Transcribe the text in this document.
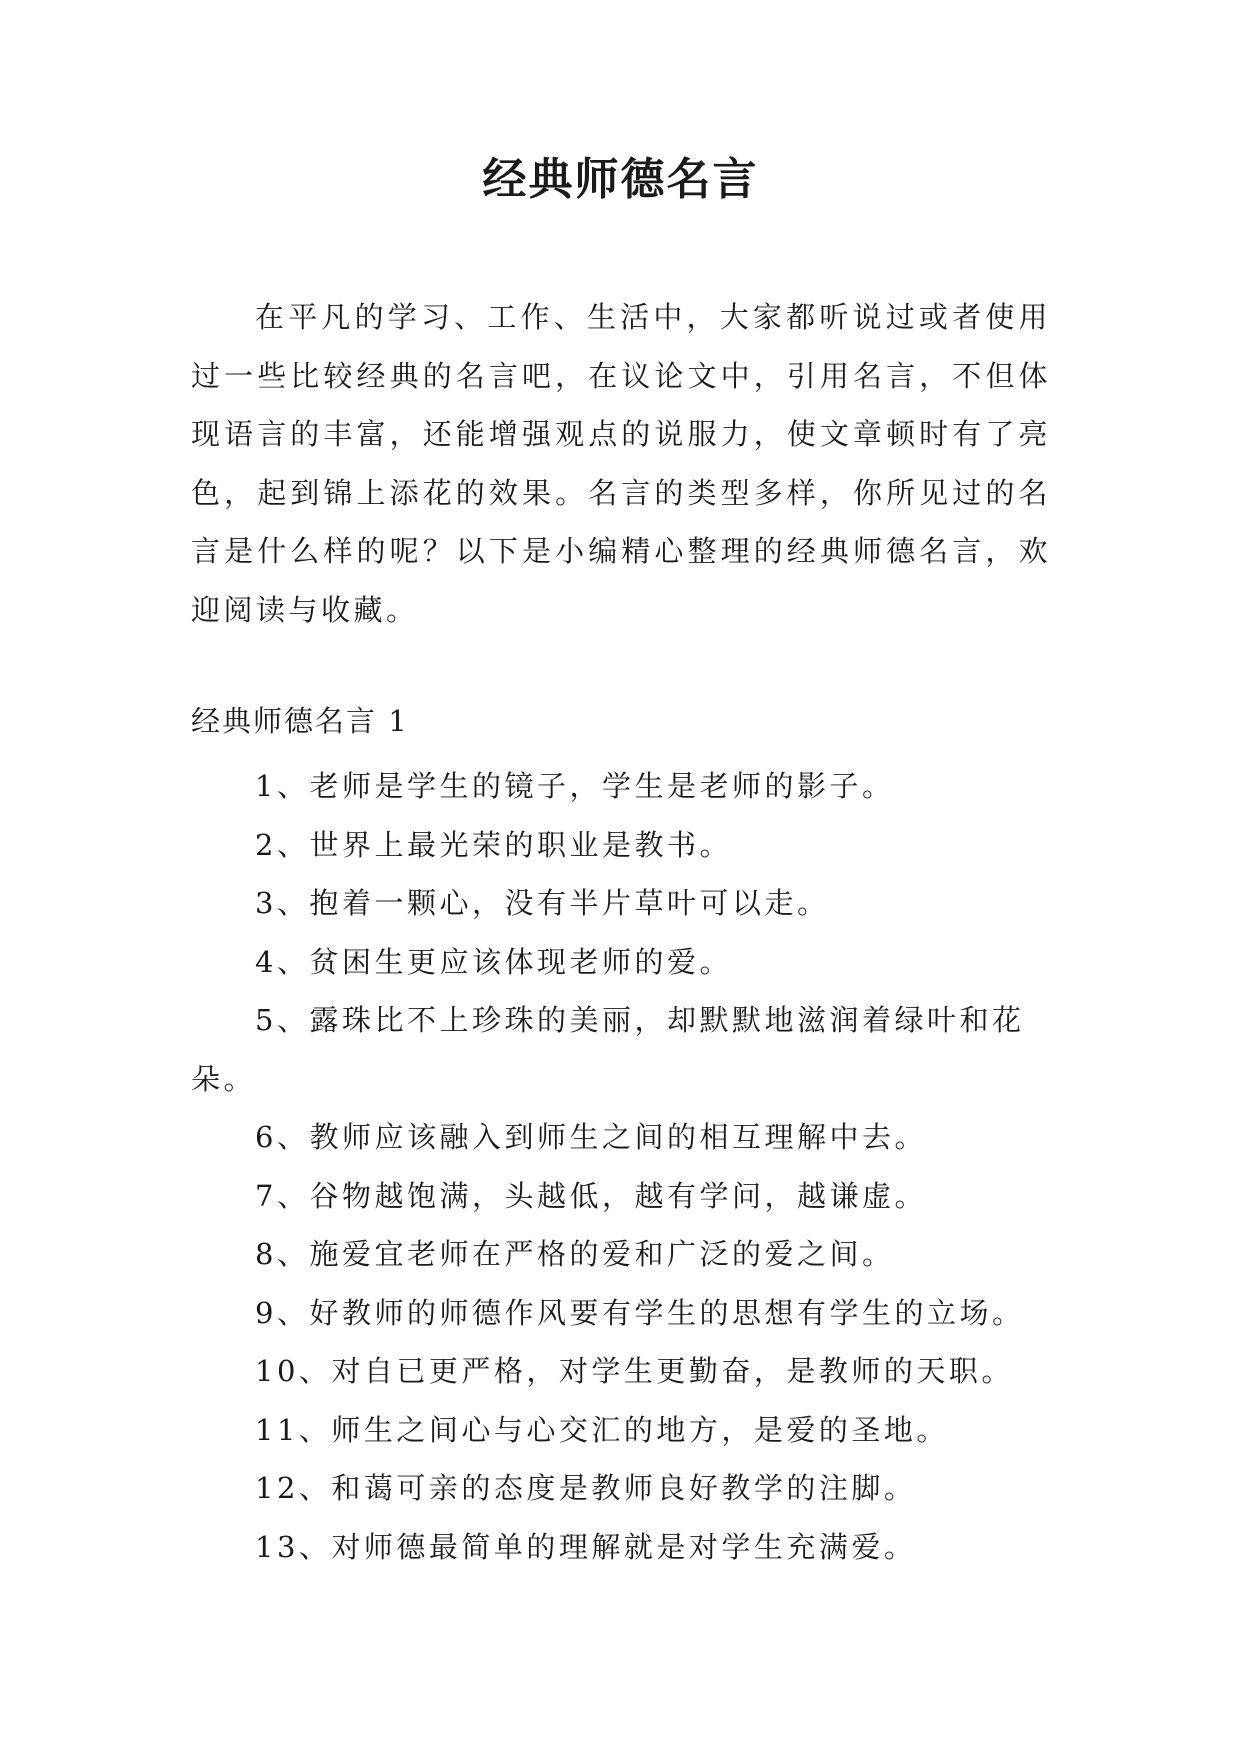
经典师德名言

在平凡的学习、工作、生活中，大家都听说过或者使用过一些比较经典的名言吧，在议论文中，引用名言，不但体现语言的丰富，还能增强观点的说服力，使文章顿时有了亮色，起到锦上添花的效果。名言的类型多样，你所见过的名言是什么样的呢？以下是小编精心整理的经典师德名言，欢迎阅读与收藏。

经典师德名言 1

1、老师是学生的镜子，学生是老师的影子。
2、世界上最光荣的职业是教书。
3、抱着一颗心，没有半片草叶可以走。
4、贫困生更应该体现老师的爱。
5、露珠比不上珍珠的美丽，却默默地滋润着绿叶和花朵。
6、教师应该融入到师生之间的相互理解中去。
7、谷物越饱满，头越低，越有学问，越谦虚。
8、施爱宜老师在严格的爱和广泛的爱之间。
9、好教师的师德作风要有学生的思想有学生的立场。
10、对自已更严格，对学生更勤奋，是教师的天职。
11、师生之间心与心交汇的地方，是爱的圣地。
12、和蔼可亲的态度是教师良好教学的注脚。
13、对师德最简单的理解就是对学生充满爱。
